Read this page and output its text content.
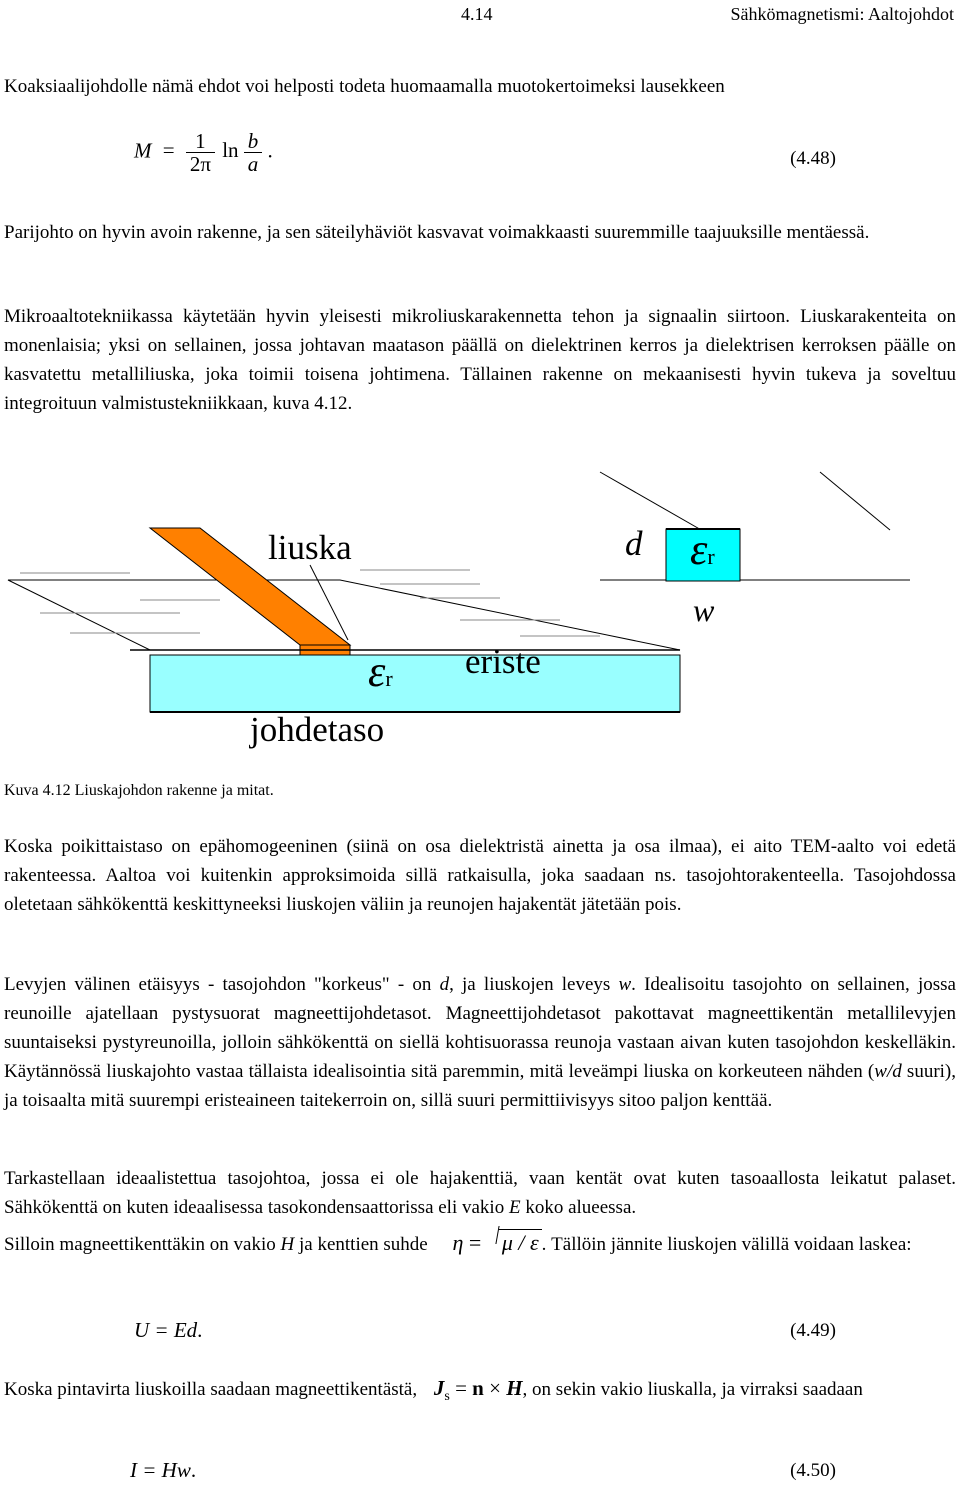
4.14	Sähkömagnetismi: Aaltojohdot
Koaksiaalijohdolle nämä ehdot voi helposti todeta huomaamalla muotokertoimeksi lausekkeen
$M = \frac{1}{2\pi}$ $\ln \frac{b}{a}$ .	(4.48)
Parijohto on hyvin avoin rakenne, ja sen säteilyhäviöt kasvavat voimakkaasti suuremmille taajuuksille mentäessä.
Mikroaaltotekniikassa käytetään hyvin yleisesti mikroliuskarakennetta tehon ja signaalin siirtoon. Liuskarakenteita on monenlaisia; yksi on sellainen, jossa johtavan maatason päällä on dielektrinen kerros ja dielektrisen kerroksen päälle on kasvatettu metalliliuska, joka toimii toisena johtimena. Tällainen rakenne on mekaanisesti hyvin tukeva ja soveltuu integroituun valmistustekniikkaan, kuva 4.12.
liuska
eriste
johdetaso
εr
d εr
w
Kuva 4.12 Liuskajohdon rakenne ja mitat.
Koska poikittaistaso on epähomogeeninen (siinä on osa dielektristä ainetta ja osa ilmaa), ei aito TEM-aalto voi edetä rakenteessa. Aaltoa voi kuitenkin approksimoida sillä ratkaisulla, joka saadaan ns. tasojohtorakenteella. Tasojohdossa oletetaan sähkökenttä keskittyneeksi liuskojen väliin ja reunojen hajakentät jätetään pois.
Levyjen välinen etäisyys - tasojohdon "korkeus" - on d, ja liuskojen leveys w. Idealisoitu tasojohto on sellainen, jossa reunoille ajatellaan pystysuorat magneettijohdetasot. Magneettijohdetasot pakottavat magneettikentän metallilevyjen suuntaiseksi pystyreunoilla, jolloin sähkökenttä on siellä kohtisuorassa reunoja vastaan aivan kuten tasojohdon keskelläkin. Käytännössä liuskajohto vastaa tällaista idealisointia sitä paremmin, mitä leveämpi liuska on korkeuteen nähden (w/d suuri), ja toisaalta mitä suurempi eristeaineen taitekerroin on, sillä suuri permittiivisyys sitoo paljon kenttää.
Tarkastellaan ideaalistettua tasojohtoa, jossa ei ole hajakenttiä, vaan kentät ovat kuten tasoaallosta leikatut palaset. Sähkökenttä on kuten ideaalisessa tasokondensaattorissa eli vakio E koko alueessa.
Silloin magneettikenttäkin on vakio H ja kenttien suhde η = μ / ε . Tällöin jännite liuskojen välillä voidaan laskea:
U = Ed.	(4.49)
Koska pintavirta liuskoilla saadaan magneettikentästä, $J_s = n \times H$, on sekin vakio liuskalla, ja virraksi saadaan
I = Hw.	(4.50)
